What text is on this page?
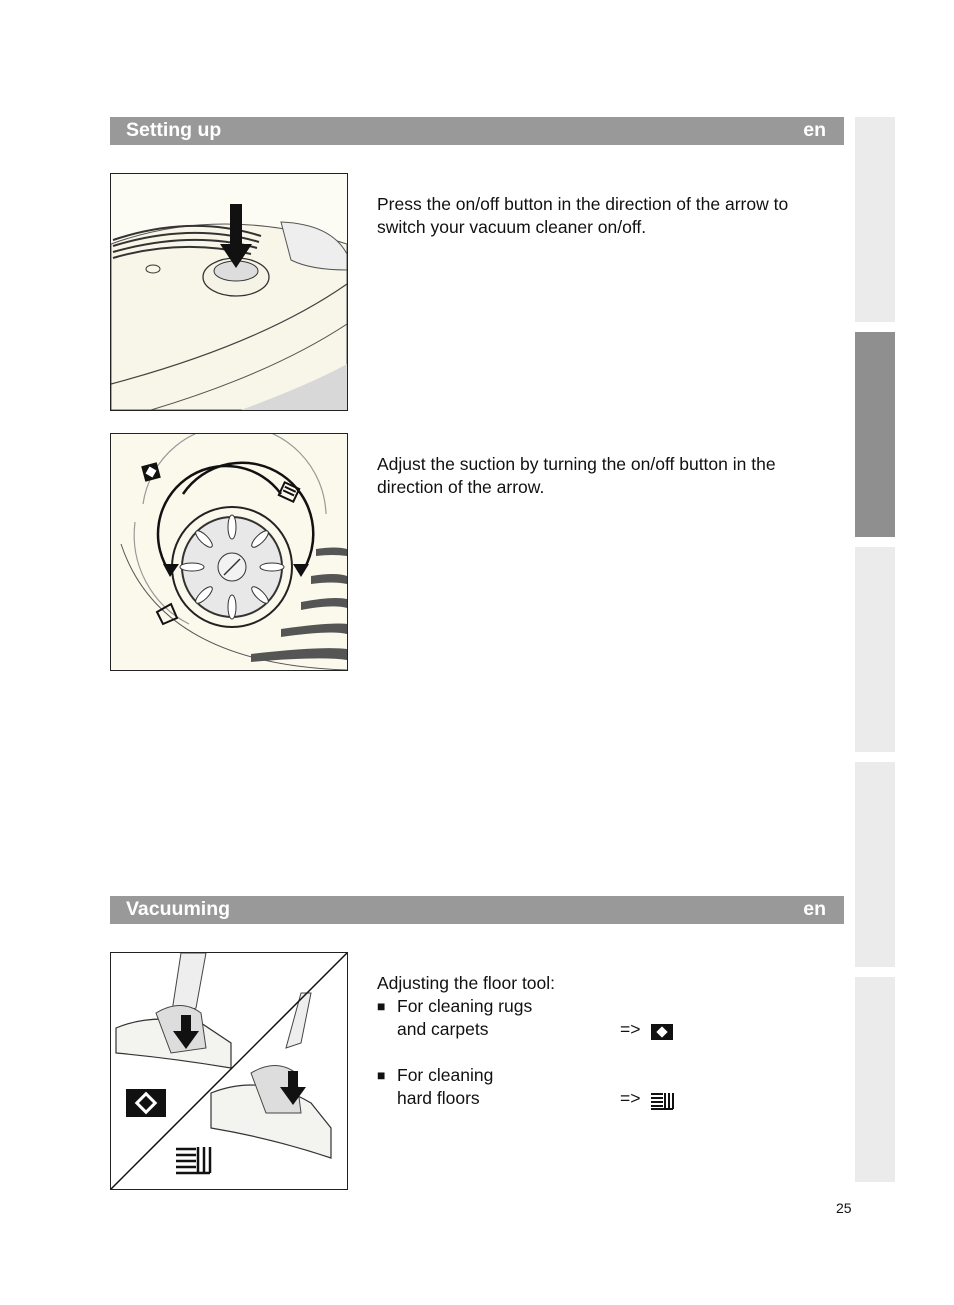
Setting up	en
Press the on/off button in the direction of the arrow to switch your vacuum cleaner on/off.
Adjust the suction by turning the on/off button in the direction of the arrow.
Vacuuming	en
Adjusting the floor tool:
■ For cleaning rugs
and carpets	=>
■ For cleaning
hard floors	=>
25
